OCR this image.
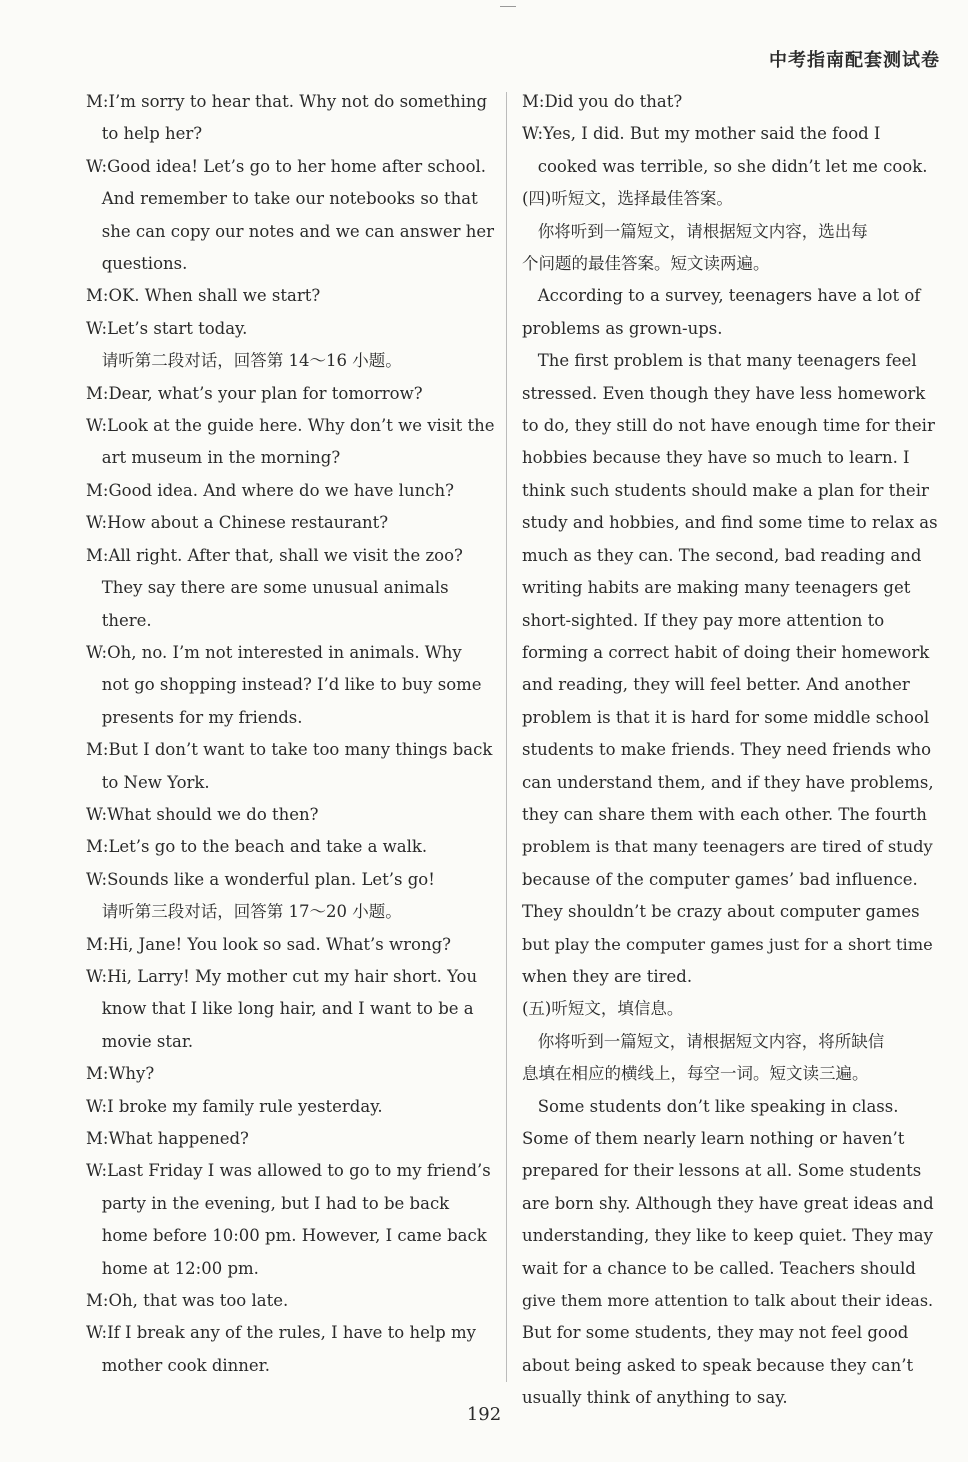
中考指南配套测试卷
M:I’m sorry to hear that. Why not do something
to help her?
W:Good idea! Let’s go to her home after school.
And remember to take our notebooks so that
she can copy our notes and we can answer her
questions.
M:OK. When shall we start?
W:Let’s start today.
请听第二段对话，回答第 14～16 小题。
M:Dear, what’s your plan for tomorrow?
W:Look at the guide here. Why don’t we visit the
art museum in the morning?
M:Good idea. And where do we have lunch?
W:How about a Chinese restaurant?
M:All right. After that, shall we visit the zoo?
They say there are some unusual animals
there.
W:Oh, no. I’m not interested in animals. Why
not go shopping instead? I’d like to buy some
presents for my friends.
M:But I don’t want to take too many things back
to New York.
W:What should we do then?
M:Let’s go to the beach and take a walk.
W:Sounds like a wonderful plan. Let’s go!
请听第三段对话，回答第 17～20 小题。
M:Hi, Jane! You look so sad. What’s wrong?
W:Hi, Larry! My mother cut my hair short. You
know that I like long hair, and I want to be a
movie star.
M:Why?
W:I broke my family rule yesterday.
M:What happened?
W:Last Friday I was allowed to go to my friend’s
party in the evening, but I had to be back
home before 10:00 pm. However, I came back
home at 12:00 pm.
M:Oh, that was too late.
W:If I break any of the rules, I have to help my
mother cook dinner.
M:Did you do that?
W:Yes, I did. But my mother said the food I
cooked was terrible, so she didn’t let me cook.
(四)听短文，选择最佳答案。
你将听到一篇短文，请根据短文内容，选出每
个问题的最佳答案。短文读两遍。
According to a survey, teenagers have a lot of
problems as grown-ups.
The first problem is that many teenagers feel
stressed. Even though they have less homework
to do, they still do not have enough time for their
hobbies because they have so much to learn. I
think such students should make a plan for their
study and hobbies, and find some time to relax as
much as they can. The second, bad reading and
writing habits are making many teenagers get
short-sighted. If they pay more attention to
forming a correct habit of doing their homework
and reading, they will feel better. And another
problem is that it is hard for some middle school
students to make friends. They need friends who
can understand them, and if they have problems,
they can share them with each other. The fourth
problem is that many teenagers are tired of study
because of the computer games’ bad influence.
They shouldn’t be crazy about computer games
but play the computer games just for a short time
when they are tired.
(五)听短文，填信息。
你将听到一篇短文，请根据短文内容，将所缺信
息填在相应的横线上，每空一词。短文读三遍。
Some students don’t like speaking in class.
Some of them nearly learn nothing or haven’t
prepared for their lessons at all. Some students
are born shy. Although they have great ideas and
understanding, they like to keep quiet. They may
wait for a chance to be called. Teachers should
give them more attention to talk about their ideas.
But for some students, they may not feel good
about being asked to speak because they can’t
usually think of anything to say.
192
